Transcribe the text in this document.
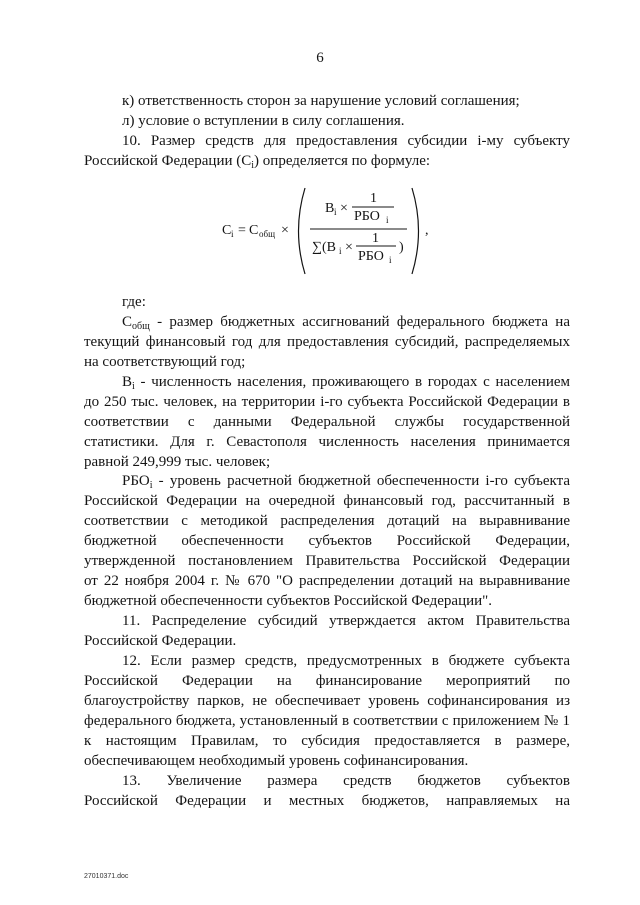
6

к) ответственность сторон за нарушение условий соглашения;

л) условие о вступлении в силу соглашения.

10. Размер средств для предоставления субсидии i-му субъекту

Российской Федерации $(С_i)$ определяется по формуле:

C i = C общ ×
B i ×
1
РБО i
∑(B i ×
1
РБО i
)
,

где:

$С_{общ}$ - размер бюджетных ассигнований федерального бюджета на

текущий финансовый год для предоставления субсидий, распределяемых

на соответствующий год;

$В_i$ - численность населения, проживающего в городах с населением

до 250 тыс. человек, на территории i-го субъекта Российской Федерации в

соответствии с данными Федеральной службы государственной

статистики. Для г. Севастополя численность населения принимается

равной 249,999 тыс. человек;

$РБО_i$ - уровень расчетной бюджетной обеспеченности i-го субъекта

Российской Федерации на очередной финансовый год, рассчитанный в

соответствии с методикой распределения дотаций на выравнивание

бюджетной обеспеченности субъектов Российской Федерации,

утвержденной постановлением Правительства Российской Федерации

от 22 ноября 2004 г. № 670 "О распределении дотаций на выравнивание

бюджетной обеспеченности субъектов Российской Федерации".

11. Распределение субсидий утверждается актом Правительства

Российской Федерации.

12. Если размер средств, предусмотренных в бюджете субъекта

Российской Федерации на финансирование мероприятий по

благоустройству парков, не обеспечивает уровень софинансирования из

федерального бюджета, установленный в соответствии с приложением № 1

к настоящим Правилам, то субсидия предоставляется в размере,

обеспечивающем необходимый уровень софинансирования.

13. Увеличение размера средств бюджетов субъектов

Российской Федерации и местных бюджетов, направляемых на

27010371.doc
